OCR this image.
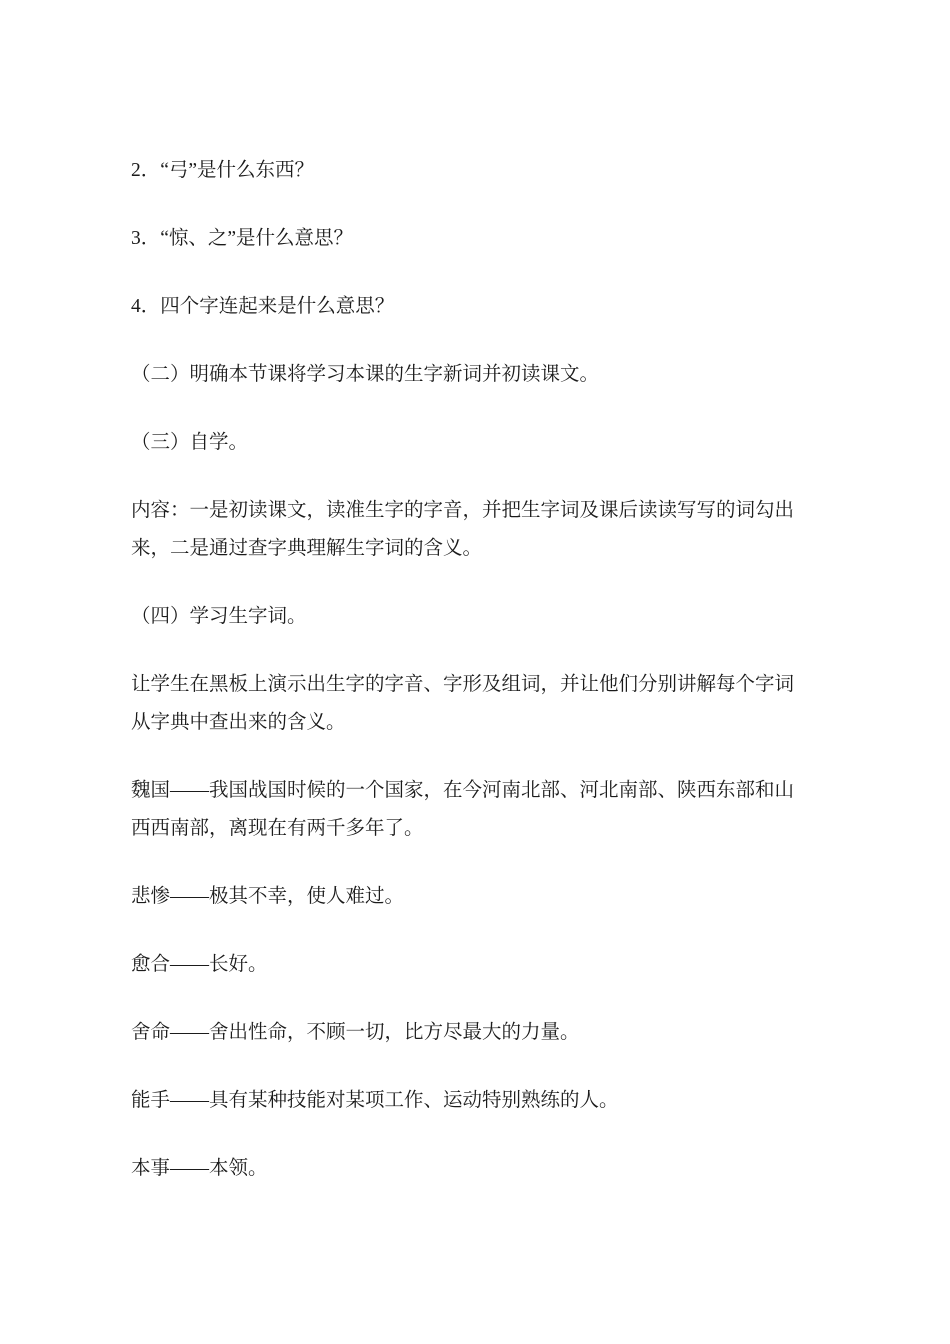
2．“弓”是什么东西？

3．“惊、之”是什么意思？

4．四个字连起来是什么意思？

（二）明确本节课将学习本课的生字新词并初读课文。

（三）自学。

内容：一是初读课文，读准生字的字音，并把生字词及课后读读写写的词勾出
来，二是通过查字典理解生字词的含义。

（四）学习生字词。

让学生在黑板上演示出生字的字音、字形及组词，并让他们分别讲解每个字词
从字典中查出来的含义。

魏国——我国战国时候的一个国家，在今河南北部、河北南部、陕西东部和山
西西南部，离现在有两千多年了。

悲惨——极其不幸，使人难过。

愈合——长好。

舍命——舍出性命，不顾一切，比方尽最大的力量。

能手——具有某种技能对某项工作、运动特别熟练的人。

本事——本领。
